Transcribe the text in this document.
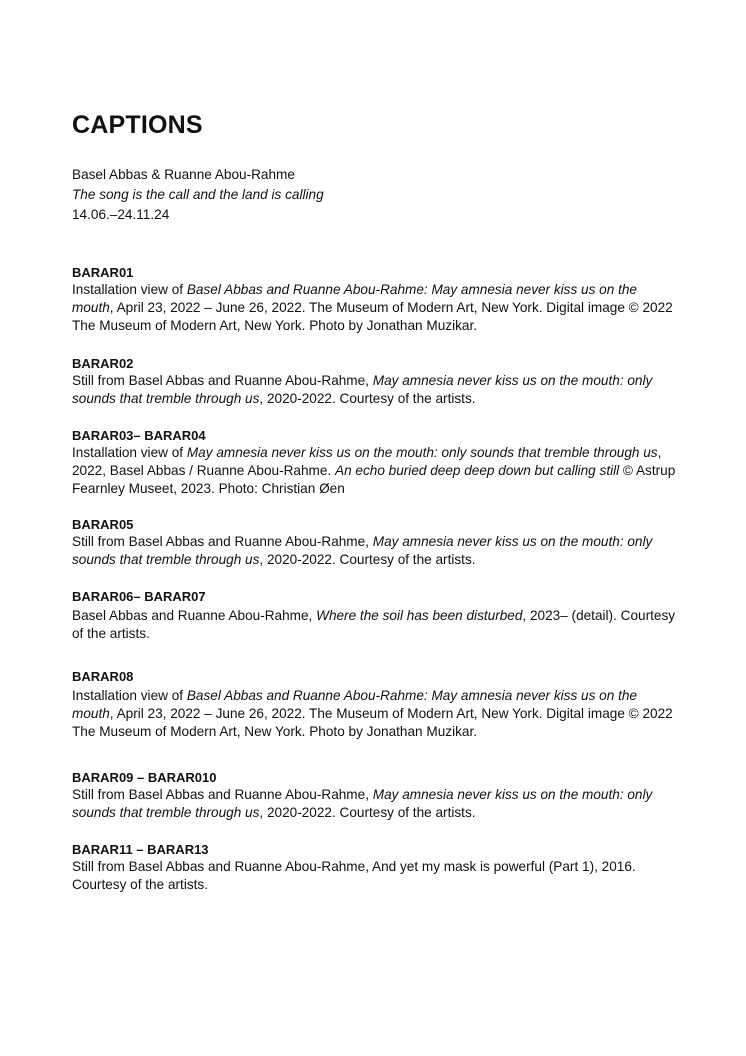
CAPTIONS
Basel Abbas & Ruanne Abou-Rahme
The song is the call and the land is calling
14.06.–24.11.24
BARAR01
Installation view of Basel Abbas and Ruanne Abou-Rahme: May amnesia never kiss us on the mouth, April 23, 2022 – June 26, 2022. The Museum of Modern Art, New York. Digital image © 2022 The Museum of Modern Art, New York. Photo by Jonathan Muzikar.
BARAR02
Still from Basel Abbas and Ruanne Abou-Rahme, May amnesia never kiss us on the mouth: only sounds that tremble through us, 2020-2022. Courtesy of the artists.
BARAR03– BARAR04
Installation view of May amnesia never kiss us on the mouth: only sounds that tremble through us, 2022, Basel Abbas / Ruanne Abou-Rahme. An echo buried deep deep down but calling still © Astrup Fearnley Museet, 2023. Photo: Christian Øen
BARAR05
Still from Basel Abbas and Ruanne Abou-Rahme, May amnesia never kiss us on the mouth: only sounds that tremble through us, 2020-2022. Courtesy of the artists.
BARAR06– BARAR07
Basel Abbas and Ruanne Abou-Rahme, Where the soil has been disturbed, 2023– (detail). Courtesy of the artists.
BARAR08
Installation view of Basel Abbas and Ruanne Abou-Rahme: May amnesia never kiss us on the mouth, April 23, 2022 – June 26, 2022. The Museum of Modern Art, New York. Digital image © 2022 The Museum of Modern Art, New York. Photo by Jonathan Muzikar.
BARAR09 – BARAR010
Still from Basel Abbas and Ruanne Abou-Rahme, May amnesia never kiss us on the mouth: only sounds that tremble through us, 2020-2022. Courtesy of the artists.
BARAR11 – BARAR13
Still from Basel Abbas and Ruanne Abou-Rahme, And yet my mask is powerful (Part 1), 2016. Courtesy of the artists.
